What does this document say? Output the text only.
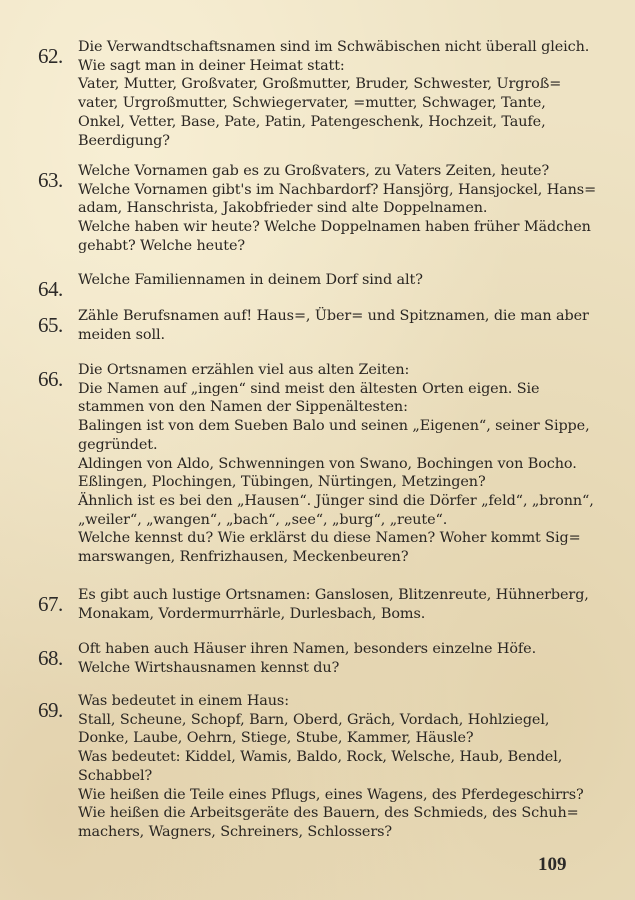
62. Die Verwandtschaftsnamen sind im Schwäbischen nicht überall gleich.
Wie sagt man in deiner Heimat statt:
Vater, Mutter, Großvater, Großmutter, Bruder, Schwester, Urgroß=
vater, Urgroßmutter, Schwiegervater, =mutter, Schwager, Tante,
Onkel, Vetter, Base, Pate, Patin, Patengeschenk, Hochzeit, Taufe,
Beerdigung?
63. Welche Vornamen gab es zu Großvaters, zu Vaters Zeiten, heute?
Welche Vornamen gibt's im Nachbardorf? Hansjörg, Hansjockel, Hans=
adam, Hanschrista, Jakobfrieder sind alte Doppelnamen.
Welche haben wir heute? Welche Doppelnamen haben früher Mädchen
gehabt? Welche heute?
64. Welche Familiennamen in deinem Dorf sind alt?
65. Zähle Berufsnamen auf! Haus=, Über= und Spitznamen, die man aber
meiden soll.
66. Die Ortsnamen erzählen viel aus alten Zeiten:
Die Namen auf „ingen“ sind meist den ältesten Orten eigen. Sie
stammen von den Namen der Sippenältesten:
Balingen ist von dem Sueben Balo und seinen „Eigenen“, seiner Sippe,
gegründet.
Aldingen von Aldo, Schwenningen von Swano, Bochingen von Bocho.
Eßlingen, Plochingen, Tübingen, Nürtingen, Metzingen?
Ähnlich ist es bei den „Hausen“. Jünger sind die Dörfer „feld“, „bronn“,
„weiler“, „wangen“, „bach“, „see“, „burg“, „reute“.
Welche kennst du? Wie erklärst du diese Namen? Woher kommt Sig=
marswangen, Renfrizhausen, Meckenbeuren?
67. Es gibt auch lustige Ortsnamen: Ganslosen, Blitzenreute, Hühnerberg,
Monakam, Vordermurrhärle, Durlesbach, Boms.
68. Oft haben auch Häuser ihren Namen, besonders einzelne Höfe.
Welche Wirtshausnamen kennst du?
69. Was bedeutet in einem Haus:
Stall, Scheune, Schopf, Barn, Oberd, Gräch, Vordach, Hohlziegel,
Donke, Laube, Oehrn, Stiege, Stube, Kammer, Häusle?
Was bedeutet: Kiddel, Wamis, Baldo, Rock, Welsche, Haub, Bendel,
Schabbel?
Wie heißen die Teile eines Pflugs, eines Wagens, des Pferdegeschirrs?
Wie heißen die Arbeitsgeräte des Bauern, des Schmieds, des Schuh=
machers, Wagners, Schreiners, Schlossers?
109
